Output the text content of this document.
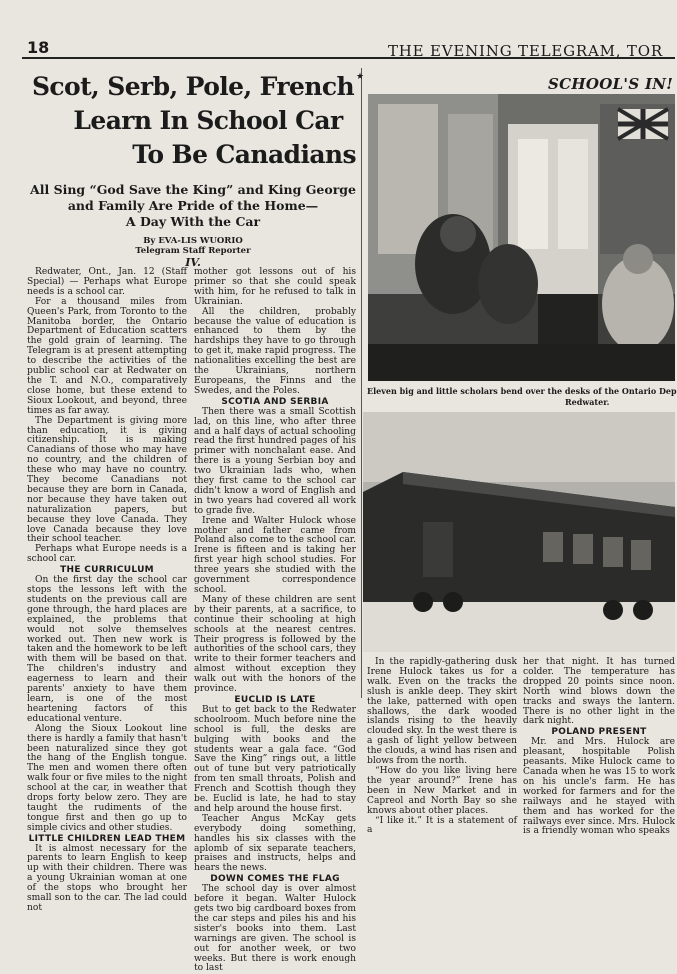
18	THE EVENING TELEGRAM, TOR
★
Scot, Serb, Pole, French
Learn In School Car
To Be Canadians
All Sing “God Save the King” and King George
and Family Are Pride of the Home—
A Day With the Car
By EVA-LIS WUORIO
Telegram Staff Reporter
IV.

Redwater, Ont., Jan. 12 (Staff Special) — Perhaps what Europe needs is a school car.

For a thousand miles from Queen's Park, from Toronto to the Manitoba border, the Ontario Department of Education scatters the gold grain of learning. The Telegram is at present attempting to describe the activities of the public school car at Redwater on the T. and N.O., comparatively close home, but these extend to Sioux Lookout, and beyond, three times as far away.

The Department is giving more than education, it is giving citizenship. It is making Canadians of those who may have no country, and the children of these who may have no country. They become Canadians not because they are born in Canada, nor because they have taken out naturalization papers, but because they love Canada. They love Canada because they love their school teacher.

Perhaps what Europe needs is a school car.

THE CURRICULUM

On the first day the school car stops the lessons left with the students on the previous call are gone through, the hard places are explained, the problems that would not solve themselves worked out. Then new work is taken and the homework to be left with them will be based on that. The children's industry and eagerness to learn and their parents' anxiety to have them learn, is one of the most heartening factors of this educational venture.

Along the Sioux Lookout line there is hardly a family that hasn't been naturalized since they got the hang of the English tongue. The men and women there often walk four or five miles to the night school at the car, in weather that drops forty below zero. They are taught the rudiments of the tongue first and then go up to simple civics and other studies.

LITTLE CHILDREN LEAD THEM

It is almost necessary for the parents to learn English to keep up with their children. There was a young Ukrainian woman at one of the stops who brought her small son to the car. The lad could not

mother got lessons out of his primer so that she could speak with him, for he refused to talk in Ukrainian.

All the children, probably because the value of education is enhanced to them by the hardships they have to go through to get it, make rapid progress. The nationalities excelling the best are the Ukrainians, northern Europeans, the Finns and the Swedes, and the Poles.

SCOTIA AND SERBIA

Then there was a small Scottish lad, on this line, who after three and a half days of actual schooling read the first hundred pages of his primer with nonchalant ease. And there is a young Serbian boy and two Ukrainian lads who, when they first came to the school car didn't know a word of English and in two years had covered all work to grade five.

Irene and Walter Hulock whose mother and father came from Poland also come to the school car. Irene is fifteen and is taking her first year high school studies. For three years she studied with the government correspondence school.

Many of these children are sent by their parents, at a sacrifice, to continue their schooling at high schools at the nearest centres. Their progress is followed by the authorities of the school cars, they write to their former teachers and almost without exception they walk out with the honors of the province.

EUCLID IS LATE

But to get back to the Redwater schoolroom. Much before nine the school is full, the desks are bulging with books and the students wear a gala face. “God Save the King” rings out, a little out of tune but very patriotically from ten small throats, Polish and French and Scottish though they be. Euclid is late, he had to stay and help around the house first.

Teacher Angus McKay gets everybody doing something, handles his six classes with the aplomb of six separate teachers, praises and instructs, helps and hears the news.

DOWN COMES THE FLAG

The school day is over almost before it began. Walter Hulock gets two big cardboard boxes from the car steps and piles his and his sister's books into them. Last warnings are given. The school is out for another week, or two weeks. But there is work enough to last

SCHOOL'S IN!
Eleven big and little scholars bend over the desks of the Ontario Dep
Redwater.

In the rapidly-gathering dusk Irene Hulock takes us for a walk. Even on the tracks the slush is ankle deep. They skirt the lake, patterned with open shallows, the dark wooded islands rising to the heavily clouded sky. In the west there is a gash of light yellow between the clouds, a wind has risen and blows from the north.

“How do you like living here the year around?” Irene has been in New Market and in Capreol and North Bay so she knows about other places.

“I like it.” It is a statement of a

her that night. It has turned colder. The temperature has dropped 20 points since noon. North wind blows down the tracks and sways the lantern. There is no other light in the dark night.

POLAND PRESENT

Mr. and Mrs. Hulock are pleasant, hospitable Polish peasants. Mike Hulock came to Canada when he was 15 to work on his uncle's farm. He has worked for farmers and for the railways and he stayed with them and has worked for the railways ever since. Mrs. Hulock is a friendly woman who speaks
